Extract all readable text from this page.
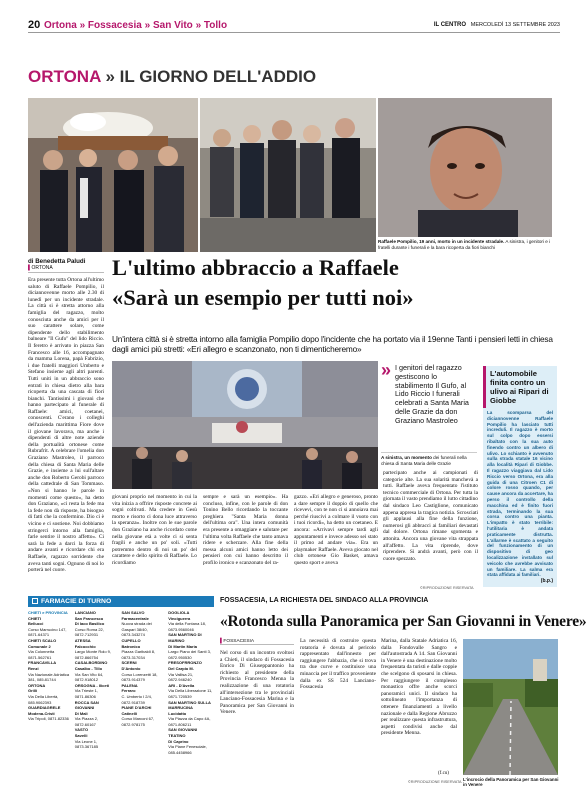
20 Ortona » Fossacesia » San Vito » Tollo	IL CENTRO MERCOLEDÌ 13 SETTEMBRE 2023
ORTONA » IL GIORNO DELL'ADDIO
Raffaele Pompilio, 19 anni, morto in un incidente stradale. A sinistra, i genitori e i fratelli durante i funerali e la bara ricoperta da fiori bianchi
di Benedetta Paludi
▌ORTONA
Era presente tutta Ortona all'ultimo saluto di Raffaele Pompilio, il diciannovenne morto alle 2.30 di lunedì per un incidente stradale. La città si è stretta attorno alla famiglia del ragazzo, molto conosciuta anche da amici per il suo carattere solare, come dipendente dello stabilimento balneare "Il Gufo" del lido Riccio. Il feretro è arrivato in piazza San Francesco alle 16, accompagnato da mamma Lorena, papà Fabrizio, i due fratelli maggiori Umberto e Stefano insieme agli altri parenti. Tutti uniti in un abbraccio sono entrati in chiesa dietro alla bara ricoperta da una cascata di fiori bianchi. Tantissimi i giovani che hanno partecipato al funerale di Raffaele: amici, coetanei, conoscenti. C'erano i colleghi dell'azienda marittima Fiore dove il giovane lavorava, ma anche i dipendenti di altre note aziende della portualità ortonese come Rubrafrit. A celebrare l'omelia don Graziano Mastroleo, il parroco della chiesa di Santa Maria delle Grazie, e insieme a lui sull'altare anche don Roberto Gerobi parroco della cattedrale di San Tommaso. «Non si hanno le parole in momenti come questo», ha detto don Graziano, «ci resta la fede ma la fede non dà risposte, ha bisogno di fatti che la confermino. Dio ci è vicino e ci sostiene. Noi dobbiamo stringerci intorno alla famiglia, farle sentire il nostro affetto». Ci sarà la fede a darci la forza di andare avanti e ricordare chi era Raffaele, ragazzo sorridente che aveva tanti sogni. Ognuno di noi lo porterà nel cuore.
L'ultimo abbraccio a Raffaele
«Sarà un esempio per tutti noi»
Un'intera città si è stretta intorno alla famiglia Pompilio dopo l'incidente che ha portato via il 19enne Tanti i pensieri letti in chiesa dagli amici più stretti: «Eri allegro e scanzonato, non ti dimenticheremo»
» I genitori del ragazzo gestiscono lo stabilimento Il Gufo, al Lido Riccio I funerali celebrati a Santa Maria delle Grazie da don Graziano Mastroleo
A sinistra, un momento dei funerali nella chiesa di Santa Maria delle Grazie
L'automobile finita contro un ulivo ai Ripari di Giobbe
La scomparsa del diciannovenne Raffaele Pompilio ha lasciato tutti increduli. Il ragazzo è morto sul colpo dopo essersi ribaltato con la sua auto finendo contro un albero di ulivo. Lo schianto è avvenuto sulla strada statale 16 vicino alla località Ripari di Giobbe. Il ragazzo viaggiava dal Lido Riccio verso Ortona, era alla guida di una Citroen C1 di colore rosso quando, per cause ancora da accertare, ha perso il controllo della macchina ed è finito fuori strada, terminando la sua corsa contro una pianta. L'impatto è stato terribile: l'utilitaria è andata praticamente distrutta. L'allarme è scattato a seguito del funzionamento di un dispositivo di geo localizzazione installato sul veicolo che avrebbe avvisato un familiare. La salma era stata affidata ai familiari.
(b.p.)
giovani proprio nel momento in cui la vita inizia a offrire risposte concrete ai sogni coltivati. Ma credere in Gesù morto e risorto ci dona luce attraverso la speranza». Inoltre con le sue parole don Graziano ha anche ricordato come nella giovane età a volte ci si senta fragili e anche un po' soli. «Tutti potremmo dentro di noi un po' del carattere e dello spirito di Raffaele. Lo ricordiamo
sempre e sarà un esempio». Ha concluso, infine, con le parole di don Tonino Bello ricordando la toccante preghiera "Santa Maria donna dell'ultima ora". Una intera comunità era presente a omaggiare e salutare per l'ultima volta Raffaele che tanto amava ridere e scherzare. Alla fine della messa alcuni amici hanno letto dei pensieri con cui hanno descritto il profilo ironico e scanzonato del ra-
gazzo. «Eri allegro e generoso, pronto a dare sempre il doppio di quello che ricevevi, con te non ci si annoiava mai perché riuscivi a colmare il vuoto con i tuoi ricordi», ha detto un coetaneo. E ancora: «Arrivavi sempre tardi agli appuntamenti e invece adesso sei stato il primo ad andare via». Era un playmaker Raffaele. Aveva giocato nel club ortonese Gio Basket, amava questo sport e aveva
partecipato anche ai campionati di categorie alte. La sua solarità manchevà a tutti. Raffaele aveva frequentato l'istituto tecnico commerciale di Ortona. Per tutta la giornata il vasto prendiamo il lutto cittadino dal sindaco Leo Castiglione, comunicato appena appresa la tragica notizia. Scrosciati gli applausi alla fine della funzione, numerosi gli abbracci ai familiari devastati dal dolore. Ortona rimane sgomenta e attonita. Ancora una giovane vita strappata all'affetto. La vita riprende, dove riprendere. Si andrà avanti, però con il cuore spezzato.
©RIPRODUZIONE RISERVATA
FARMACIE DI TURNO
CHIETI e PROVINCIA
CHIETI
Bellucci
Corso Marrucino 147, 0871.64371
CHIETI SCALO
Comunale 2
Via Colonnetta 0871.562761
FRANCAVILLA
Renzi
Via Nazionale Adriatica 381, 085.81744
ORTONA
Grilli
Via Della Libertà, 085.9062393
GUARDIAGRELE
Modena-Cristi
Via Tripoli, 0871.82336
LANCIANO
San Francesco
Di Iaco Basilico
Corso Roma 22, 0872.712931
ATESSA
Falcocchio
Largo Monte Rolo 9, 0872.866754
CASALBORDINO
Casalbo - Tillo
Via San Vito 64, 0872.918012
ORSOGNA - Iliceti
Via Trieste 1, 0871.86306
ROCCA SAN GIOVANNI
Di Mali
Via Piazza 2, 0872.60167
VASTO
Savelli
Via Leone 1, 0873.367185
SAN SALVO
Farmacentrale
Nuova strada dei Gaspari 38/40, 0873.343274
CUPELLO
Batronico
Piazza Garibaldi 8, 0873.317034
SCERNI
D'Antonio
Corso Lorenzetti 18, 0873.914379
PALENA
Ferraro
C. Umberto I 2/4, 0872.918739
PIANE D'ARCHI
Catinelli
Corso Marconi 67, 0872.978175
DOGLIOLA
Vinciguerra
Via della Fontana 18, 0873.9560046
SAN MARTINO DI MARINO
Di Martin Maria
Largo Piano dei Santi 3, 0872.950530
FRESOFRRONZO
Del Carpio M.
Via Vallisa 21, 0872.946240
ARI - D'Avella
Via Della Liberazione 11, 0871.720539
SAN MARTINO SULLA MARRUCINA
Lucidatto
Via Piazza da Capo 4A, 0871.806211
SAN GIOVANNI TEATINO
Di Caprino
Via Piane Fenesciale, 085.4458966
FOSSACESIA, LA RICHIESTA DEL SINDACO ALLA PROVINCIA
«Rotonda sulla Panoramica per San Giovanni in Venere»
▌FOSSACESIA
Nel corso di un incontro svoltosi a Chieti, il sindaco di Fossacesia Enrico Di Giuseppantonio ha richiesto al presidente della Provincia Francesco Menna la realizzazione di una rotatoria all'intersezione tra le provinciali Lanciano-Fossacesia Marina e la Panoramica per San Giovanni in Venere.
La necessità di costruire questa rotatoria è dovuta al pericolo rappresentato dall'innesto per raggiungere l'abbazia, che si trova tra due curve e costituisce una minaccia per il traffico proveniente dalla ex SS 524 Lanciano-Fossacesia
Marina, dalla Statale Adriatica 16, dalla Fondovalle Sangro e dall'autostrada A 14. San Giovanni in Venere è una destinazione molto frequentata da turisti e dalle coppie che scelgono di sposarsi in chiesa. Per raggiungere il complesso monastico offre anche scorci panoramici unici. Il sindaco ha sottolineato l'importanza di ottenere finanziamenti a livello nazionale e dalla Regione Abruzzo per realizzare questa infrastruttura, aspetti condivisi anche dal presidente Menna.
(f.cu)
©RIPRODUZIONE RISERVATA L'incrocio della Panoramica per San Giovanni in Venere
